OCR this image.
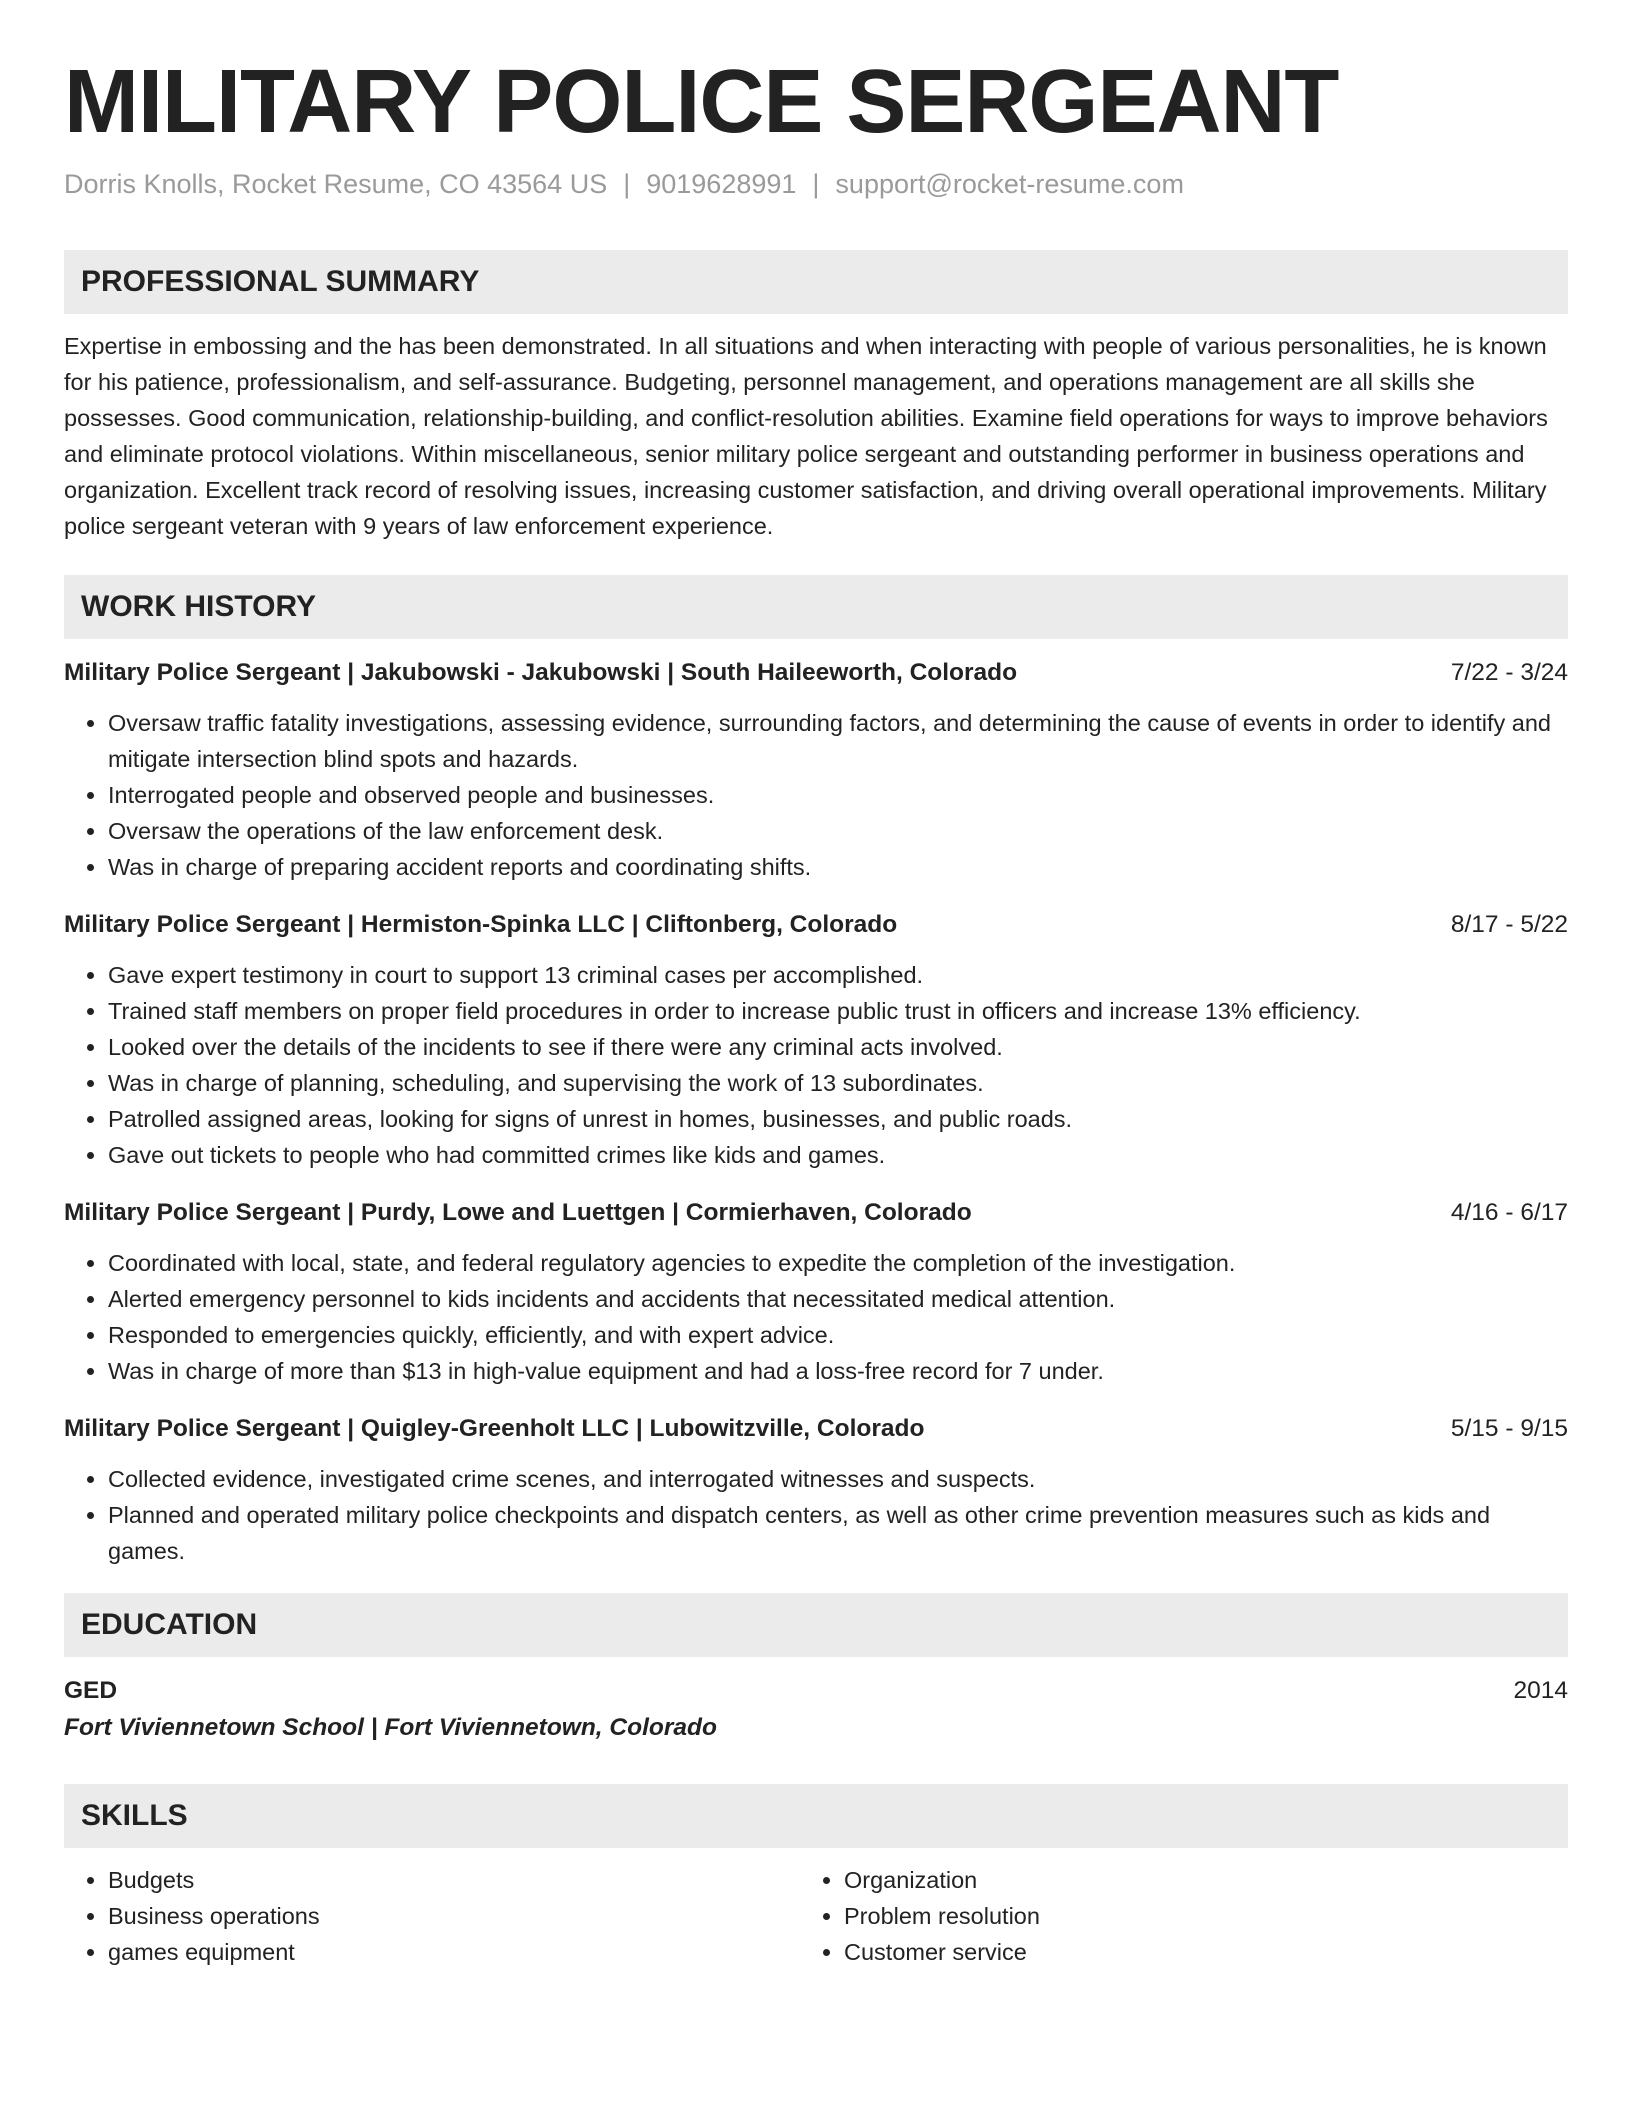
MILITARY POLICE SERGEANT
Dorris Knolls, Rocket Resume, CO 43564 US | 9019628991 | support@rocket-resume.com
PROFESSIONAL SUMMARY

Expertise in embossing and the has been demonstrated. In all situations and when interacting with people of various personalities, he is known for his patience, professionalism, and self-assurance. Budgeting, personnel management, and operations management are all skills she possesses. Good communication, relationship-building, and conflict-resolution abilities. Examine field operations for ways to improve behaviors and eliminate protocol violations. Within miscellaneous, senior military police sergeant and outstanding performer in business operations and organization. Excellent track record of resolving issues, increasing customer satisfaction, and driving overall operational improvements. Military police sergeant veteran with 9 years of law enforcement experience.

WORK HISTORY
Military Police Sergeant | Jakubowski - Jakubowski | South Haileeworth, Colorado	7/22 - 3/24
• Oversaw traffic fatality investigations, assessing evidence, surrounding factors, and determining the cause of events in order to identify and mitigate intersection blind spots and hazards.
• Interrogated people and observed people and businesses.
• Oversaw the operations of the law enforcement desk.
• Was in charge of preparing accident reports and coordinating shifts.
Military Police Sergeant | Hermiston-Spinka LLC | Cliftonberg, Colorado	8/17 - 5/22
• Gave expert testimony in court to support 13 criminal cases per accomplished.
• Trained staff members on proper field procedures in order to increase public trust in officers and increase 13% efficiency.
• Looked over the details of the incidents to see if there were any criminal acts involved.
• Was in charge of planning, scheduling, and supervising the work of 13 subordinates.
• Patrolled assigned areas, looking for signs of unrest in homes, businesses, and public roads.
• Gave out tickets to people who had committed crimes like kids and games.
Military Police Sergeant | Purdy, Lowe and Luettgen | Cormierhaven, Colorado	4/16 - 6/17
• Coordinated with local, state, and federal regulatory agencies to expedite the completion of the investigation.
• Alerted emergency personnel to kids incidents and accidents that necessitated medical attention.
• Responded to emergencies quickly, efficiently, and with expert advice.
• Was in charge of more than $13 in high-value equipment and had a loss-free record for 7 under.
Military Police Sergeant | Quigley-Greenholt LLC | Lubowitzville, Colorado	5/15 - 9/15
• Collected evidence, investigated crime scenes, and interrogated witnesses and suspects.
• Planned and operated military police checkpoints and dispatch centers, as well as other crime prevention measures such as kids and games.
EDUCATION
GED	2014
Fort Viviennetown School | Fort Viviennetown, Colorado
SKILLS
• Budgets
• Business operations
• games equipment
• Organization
• Problem resolution
• Customer service
